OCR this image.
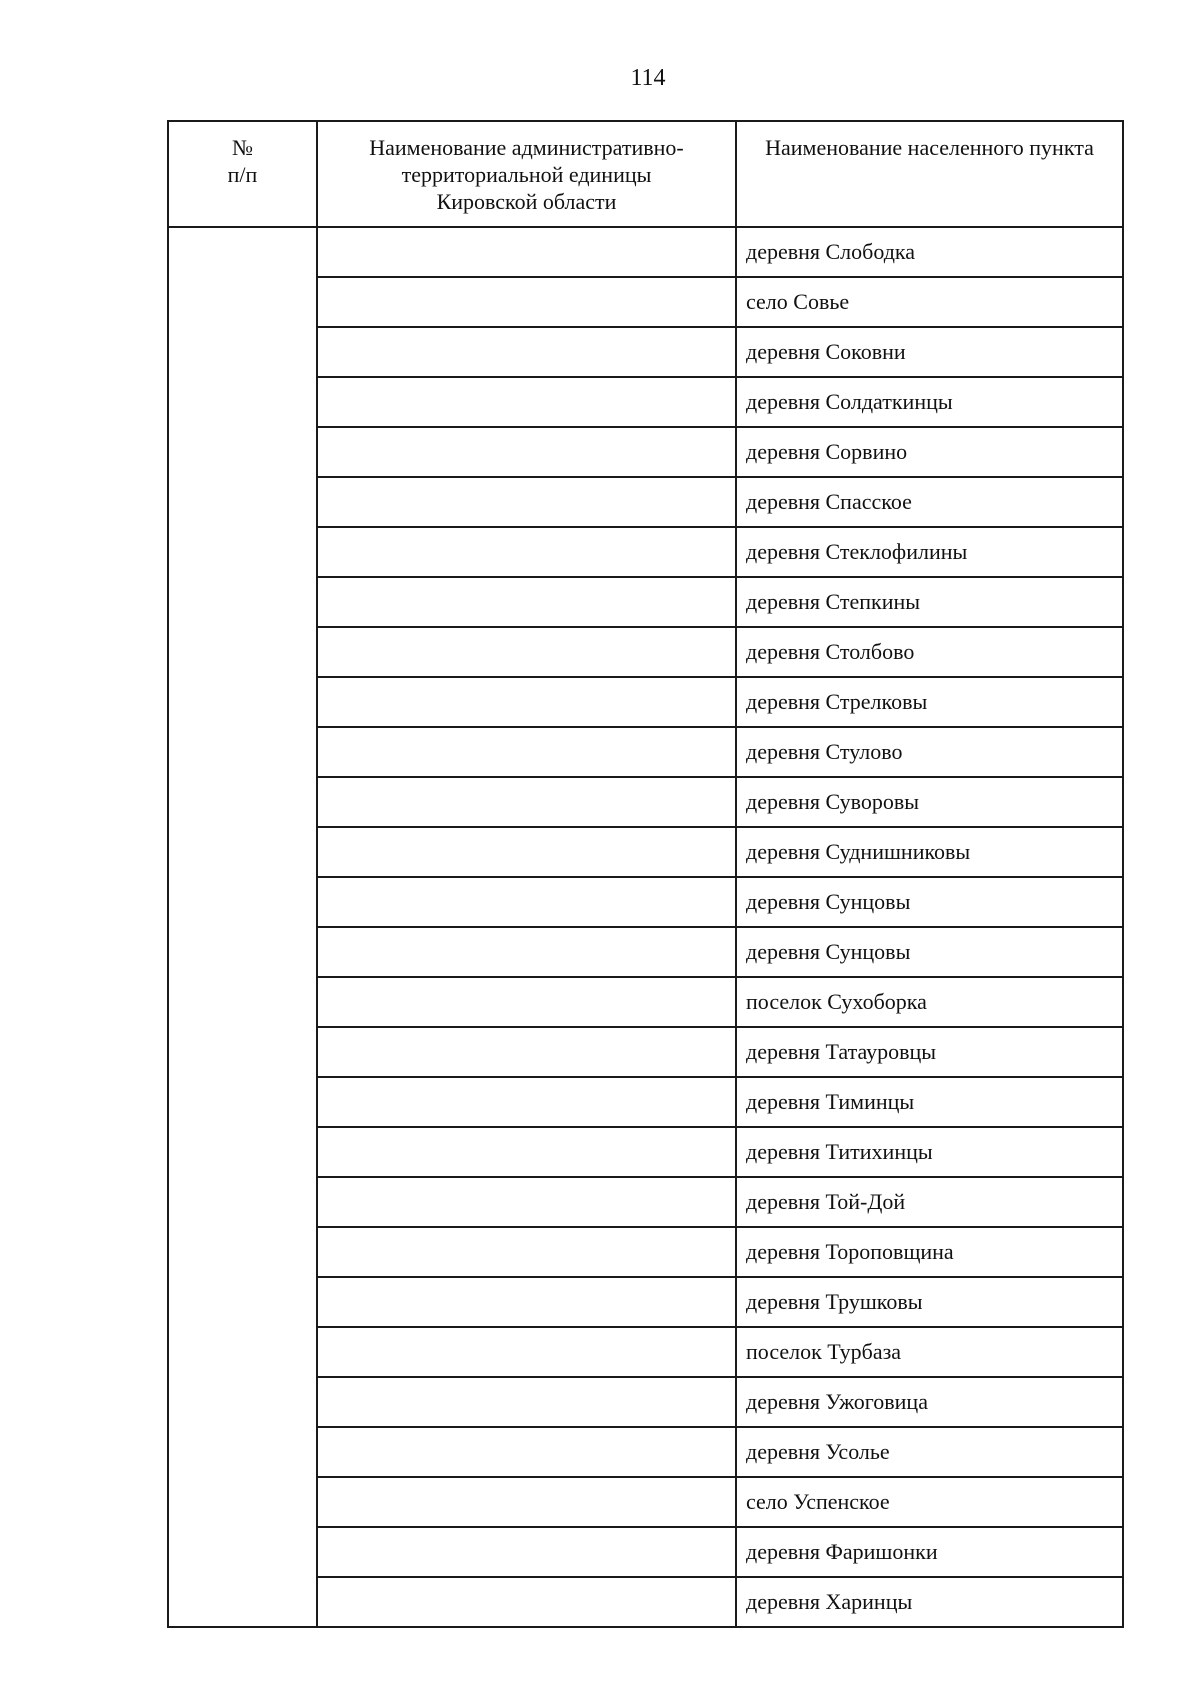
114
№
п/п	Наименование административно-территориальной единицы Кировской области	Наименование населенного пункта
		деревня Слободка
		село Совье
		деревня Соковни
		деревня Солдаткинцы
		деревня Сорвино
		деревня Спасское
		деревня Стеклофилины
		деревня Степкины
		деревня Столбово
		деревня Стрелковы
		деревня Стулово
		деревня Суворовы
		деревня Суднишниковы
		деревня Сунцовы
		деревня Сунцовы
		поселок Сухоборка
		деревня Татауровцы
		деревня Тиминцы
		деревня Титихинцы
		деревня Той-Дой
		деревня Тороповщина
		деревня Трушковы
		поселок Турбаза
		деревня Ужоговица
		деревня Усолье
		село Успенское
		деревня Фаришонки
		деревня Харинцы
